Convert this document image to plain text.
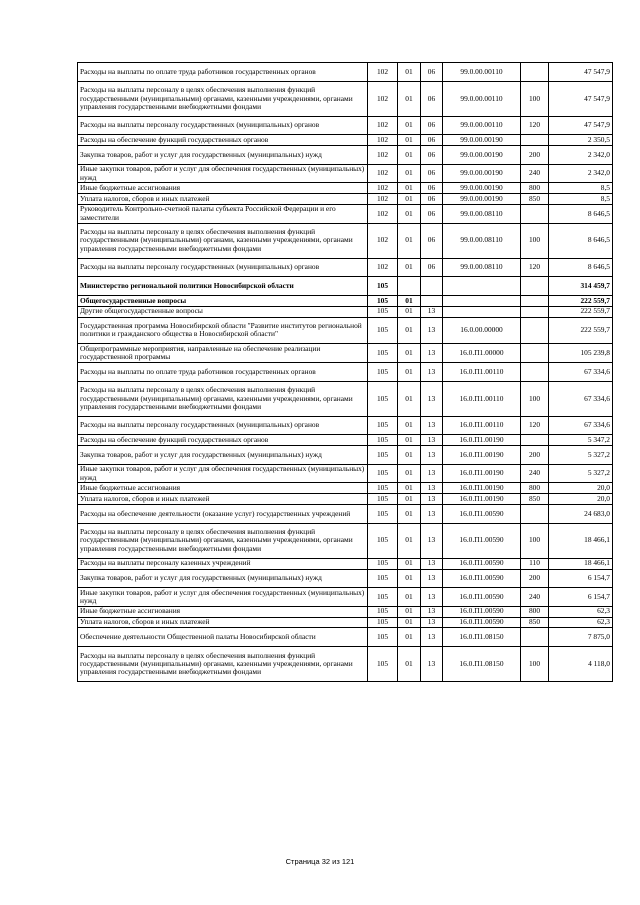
Расходы на выплаты по оплате труда работников государственных органов	102	01	06	99.0.00.00110		47 547,9
Расходы на выплаты персоналу в целях обеспечения выполнения функций государственными (муниципальными) органами, казенными учреждениями, органами управления государственными внебюджетными фондами	102	01	06	99.0.00.00110	100	47 547,9
Расходы на выплаты персоналу государственных (муниципальных) органов	102	01	06	99.0.00.00110	120	47 547,9
Расходы на обеспечение функций государственных органов	102	01	06	99.0.00.00190		2 350,5
Закупка товаров, работ и услуг для государственных (муниципальных) нужд	102	01	06	99.0.00.00190	200	2 342,0
Иные закупки товаров, работ и услуг для обеспечения государственных (муниципальных) нужд	102	01	06	99.0.00.00190	240	2 342,0
Иные бюджетные ассигнования	102	01	06	99.0.00.00190	800	8,5
Уплата налогов, сборов и иных платежей	102	01	06	99.0.00.00190	850	8,5
Руководитель Контрольно-счетной палаты субъекта Российской Федерации и его заместители	102	01	06	99.0.00.08110		8 646,5
Расходы на выплаты персоналу в целях обеспечения выполнения функций государственными (муниципальными) органами, казенными учреждениями, органами управления государственными внебюджетными фондами	102	01	06	99.0.00.08110	100	8 646,5
Расходы на выплаты персоналу государственных (муниципальных) органов	102	01	06	99.0.00.08110	120	8 646,5
Министерство региональной политики Новосибирской области	105					314 459,7
Общегосударственные вопросы	105	01				222 559,7
Другие общегосударственные вопросы	105	01	13			222 559,7
Государственная программа Новосибирской области "Развитие институтов региональной политики и гражданского общества в Новосибирской области"	105	01	13	16.0.00.00000		222 559,7
Общепрограммные мероприятия, направленные на обеспечение реализации государственной программы	105	01	13	16.0.П1.00000		105 239,8
Расходы на выплаты по оплате труда работников государственных органов	105	01	13	16.0.П1.00110		67 334,6
Расходы на выплаты персоналу в целях обеспечения выполнения функций государственными (муниципальными) органами, казенными учреждениями, органами управления государственными внебюджетными фондами	105	01	13	16.0.П1.00110	100	67 334,6
Расходы на выплаты персоналу государственных (муниципальных) органов	105	01	13	16.0.П1.00110	120	67 334,6
Расходы на обеспечение функций государственных органов	105	01	13	16.0.П1.00190		5 347,2
Закупка товаров, работ и услуг для государственных (муниципальных) нужд	105	01	13	16.0.П1.00190	200	5 327,2
Иные закупки товаров, работ и услуг для обеспечения государственных (муниципальных) нужд	105	01	13	16.0.П1.00190	240	5 327,2
Иные бюджетные ассигнования	105	01	13	16.0.П1.00190	800	20,0
Уплата налогов, сборов и иных платежей	105	01	13	16.0.П1.00190	850	20,0
Расходы на обеспечение деятельности (оказание услуг) государственных учреждений	105	01	13	16.0.П1.00590		24 683,0
Расходы на выплаты персоналу в целях обеспечения выполнения функций государственными (муниципальными) органами, казенными учреждениями, органами управления государственными внебюджетными фондами	105	01	13	16.0.П1.00590	100	18 466,1
Расходы на выплаты персоналу казенных учреждений	105	01	13	16.0.П1.00590	110	18 466,1
Закупка товаров, работ и услуг для государственных (муниципальных) нужд	105	01	13	16.0.П1.00590	200	6 154,7
Иные закупки товаров, работ и услуг для обеспечения государственных (муниципальных) нужд	105	01	13	16.0.П1.00590	240	6 154,7
Иные бюджетные ассигнования	105	01	13	16.0.П1.00590	800	62,3
Уплата налогов, сборов и иных платежей	105	01	13	16.0.П1.00590	850	62,3
Обеспечение деятельности Общественной палаты Новосибирской области	105	01	13	16.0.П1.08150		7 875,0
Расходы на выплаты персоналу в целях обеспечения выполнения функций государственными (муниципальными) органами, казенными учреждениями, органами управления государственными внебюджетными фондами	105	01	13	16.0.П1.08150	100	4 118,0
Страница 32 из 121
